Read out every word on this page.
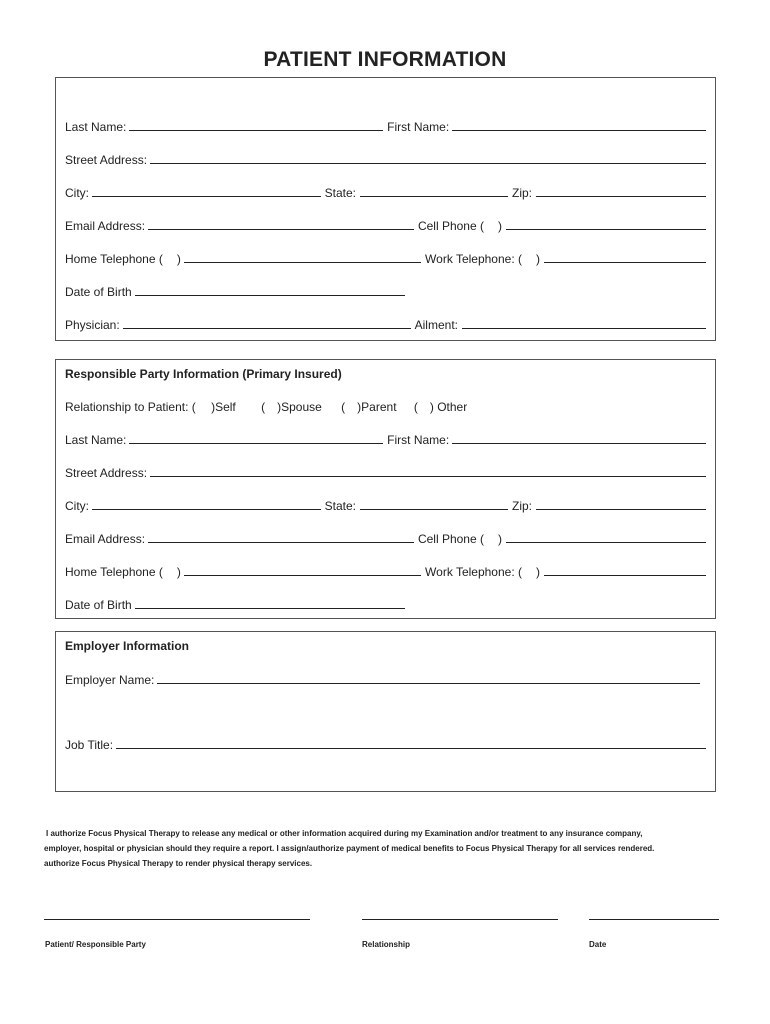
PATIENT INFORMATION
Last Name:	First Name:
Street Address:
City:	State:	Zip:
Email Address:	Cell Phone ( )
Home Telephone ( )	Work Telephone: ( )
Date of Birth
Physician:	Ailment:
Responsible Party Information (Primary Insured)
Relationship to Patient: ( )Self ( )Spouse ( )Parent ( ) Other
Last Name:	First Name:
Street Address:
City:	State:	Zip:
Email Address:	Cell Phone ( )
Home Telephone ( )	Work Telephone: ( )
Date of Birth
Employer Information
Employer Name:
Job Title:
I authorize Focus Physical Therapy to release any medical or other information acquired during my Examination and/or treatment to any insurance company,
employer, hospital or physician should they require a report. I assign/authorize payment of medical benefits to Focus Physical Therapy for all services rendered.
authorize Focus Physical Therapy to render physical therapy services.
Patient/ Responsible Party	Relationship	Date
